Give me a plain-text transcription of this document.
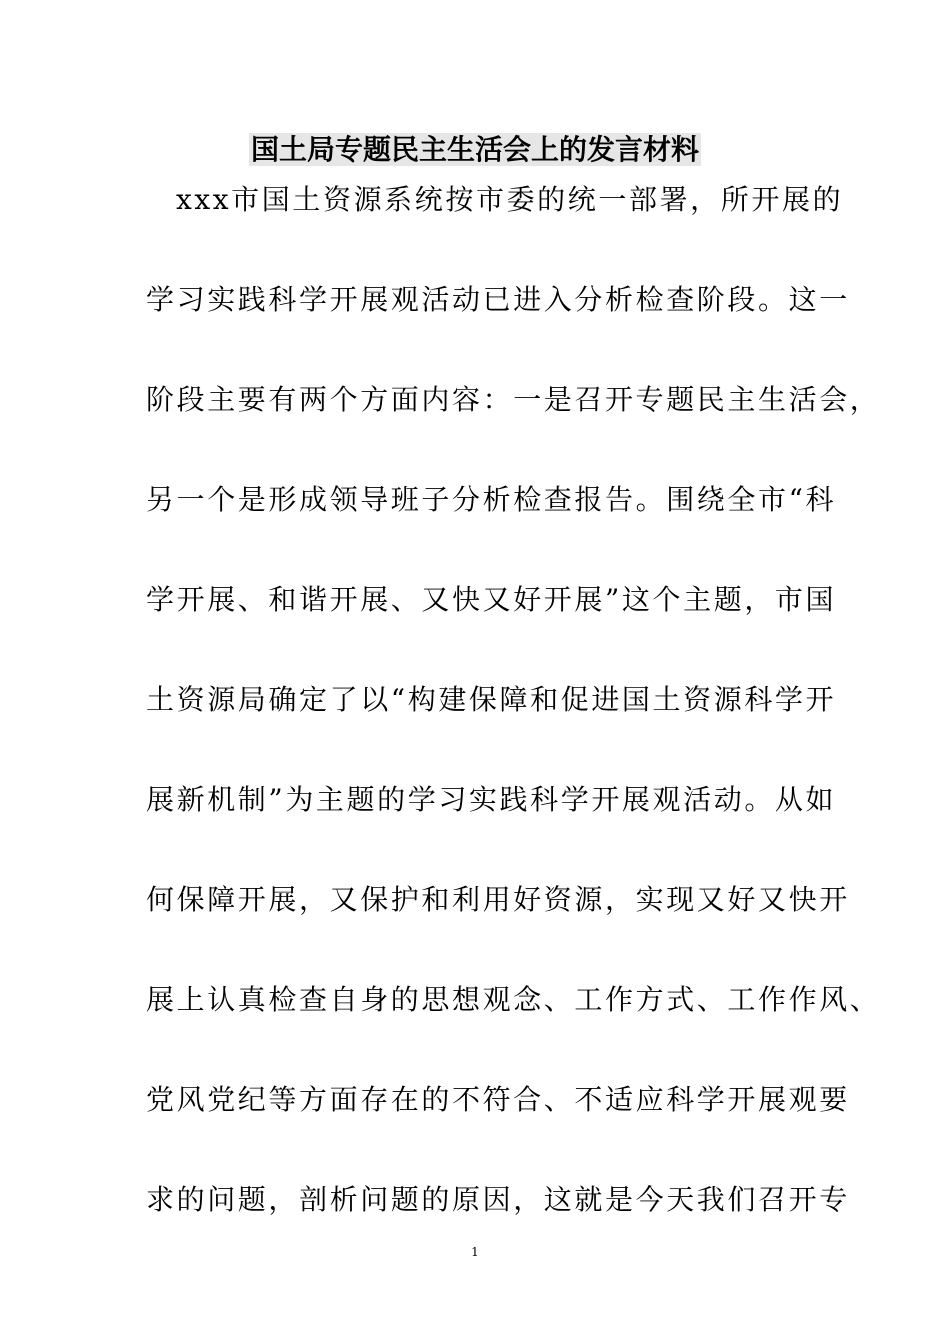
国土局专题民主生活会上的发言材料

xxx市国土资源系统按市委的统一部署，所开展的

学习实践科学开展观活动已进入分析检查阶段。这一

阶段主要有两个方面内容：一是召开专题民主生活会，

另一个是形成领导班子分析检查报告。围绕全市“科

学开展、和谐开展、又快又好开展”这个主题，市国

土资源局确定了以“构建保障和促进国土资源科学开

展新机制”为主题的学习实践科学开展观活动。从如

何保障开展，又保护和利用好资源，实现又好又快开

展上认真检查自身的思想观念、工作方式、工作作风、

党风党纪等方面存在的不符合、不适应科学开展观要

求的问题，剖析问题的原因，这就是今天我们召开专

1
